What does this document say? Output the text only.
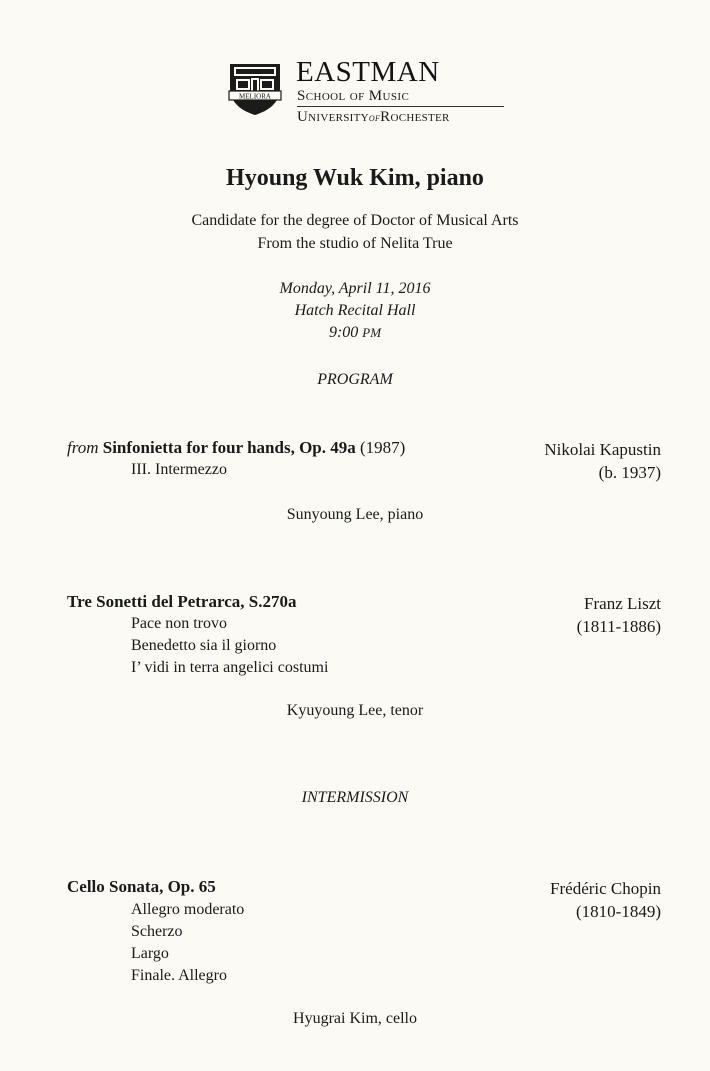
MELIORA
EASTMAN
School of Music
UniversityofRochester
Hyoung Wuk Kim, piano
Candidate for the degree of Doctor of Musical Arts
From the studio of Nelita True
Monday, April 11, 2016
Hatch Recital Hall
9:00 PM
PROGRAM
from Sinfonietta for four hands, Op. 49a (1987)
III. Intermezzo
Nikolai Kapustin
(b. 1937)
Sunyoung Lee, piano
Tre Sonetti del Petrarca, S.270a
Pace non trovo
Benedetto sia il giorno
I’ vidi in terra angelici costumi
Franz Liszt
(1811-1886)
Kyuyoung Lee, tenor
INTERMISSION
Cello Sonata, Op. 65
Allegro moderato
Scherzo
Largo
Finale. Allegro
Frédéric Chopin
(1810-1849)
Hyugrai Kim, cello
